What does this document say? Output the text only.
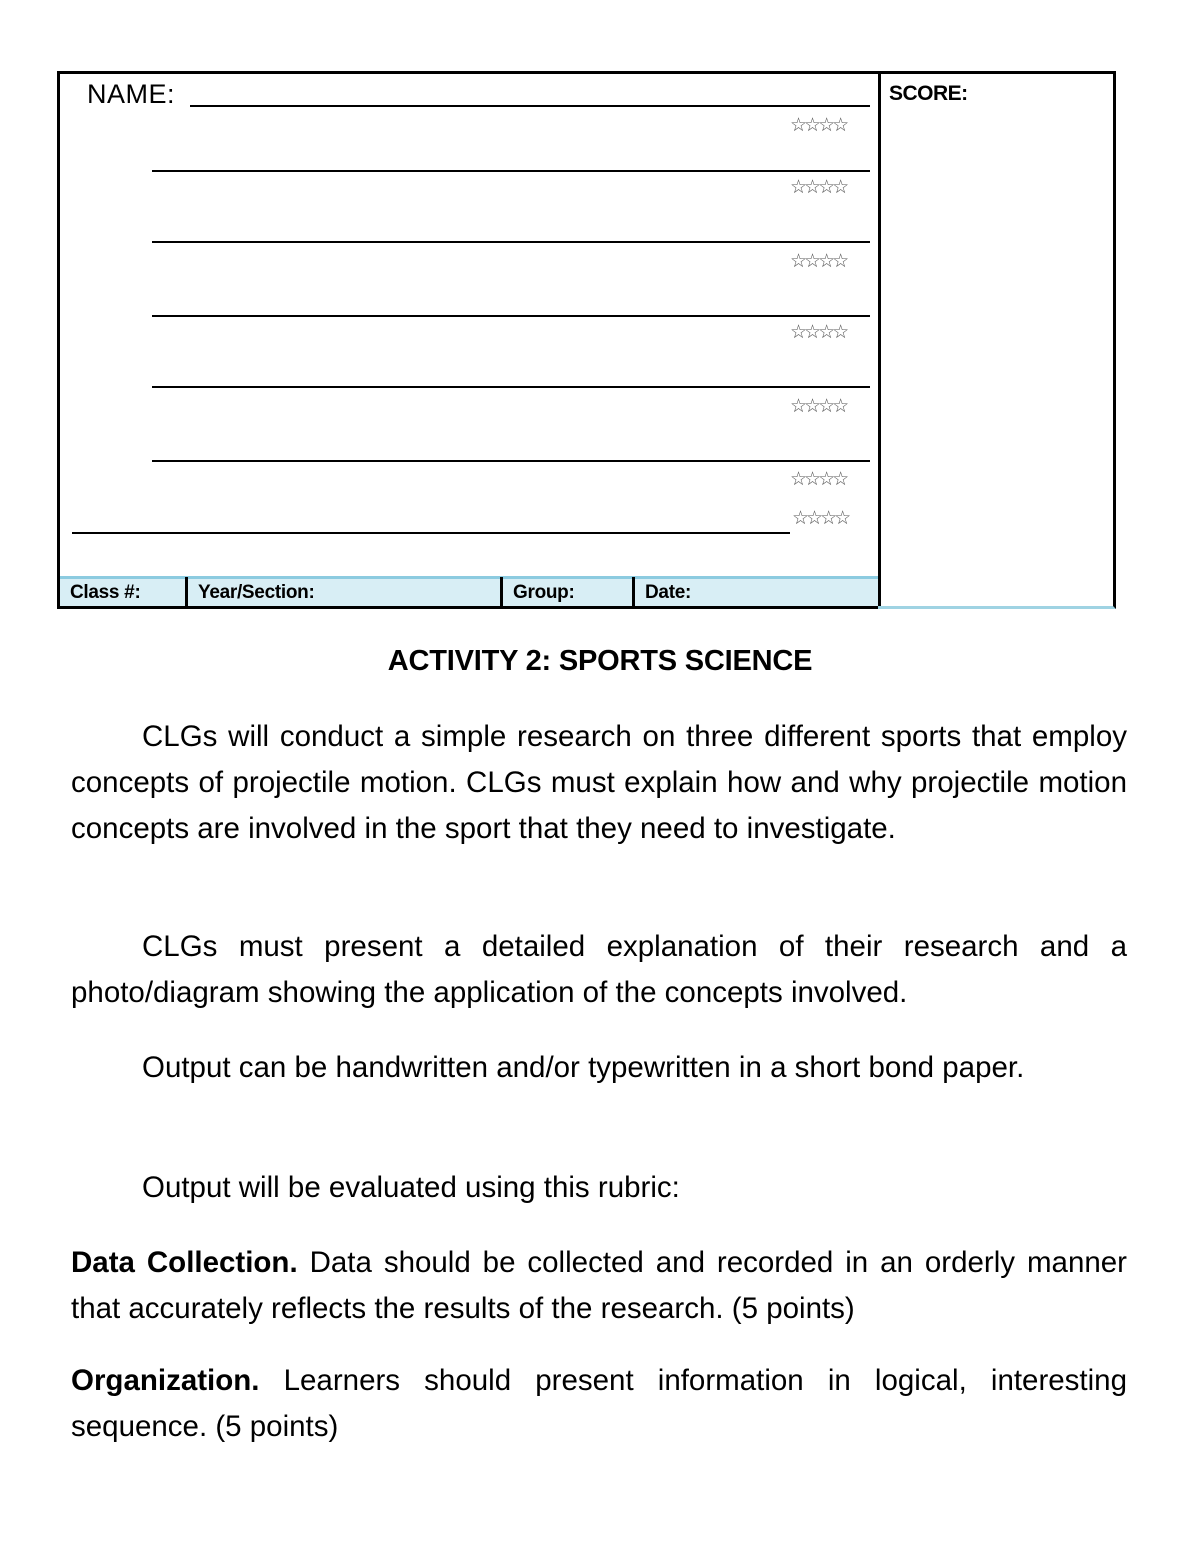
NAME:
☆☆☆☆
☆☆☆☆
☆☆☆☆
☆☆☆☆
☆☆☆☆
☆☆☆☆
☆☆☆☆
Class #:	Year/Section:	Group:	Date:
SCORE:
ACTIVITY 2: SPORTS SCIENCE

CLGs will conduct a simple research on three different sports that employ concepts of projectile motion. CLGs must explain how and why projectile motion concepts are involved in the sport that they need to investigate.

CLGs must present a detailed explanation of their research and a photo/diagram showing the application of the concepts involved.

Output can be handwritten and/or typewritten in a short bond paper.

Output will be evaluated using this rubric:

Data Collection. Data should be collected and recorded in an orderly manner that accurately reflects the results of the research. (5 points)

Organization. Learners should present information in logical, interesting sequence. (5 points)
